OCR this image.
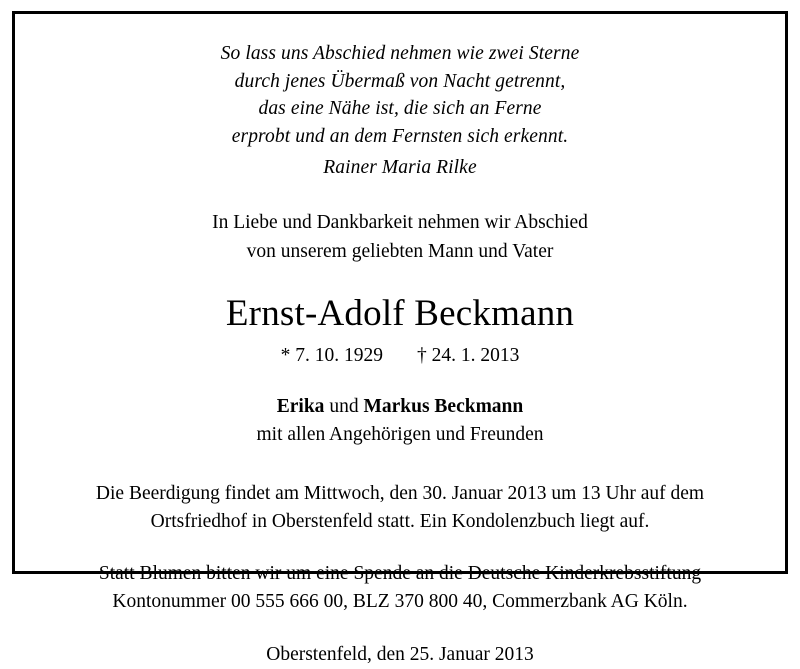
So lass uns Abschied nehmen wie zwei Sterne
durch jenes Übermaß von Nacht getrennt,
das eine Nähe ist, die sich an Ferne
erprobt und an dem Fernsten sich erkennt.
Rainer Maria Rilke
In Liebe und Dankbarkeit nehmen wir Abschied
von unserem geliebten Mann und Vater
Ernst-Adolf Beckmann
* 7. 10. 1929 † 24. 1. 2013
Erika und Markus Beckmann
mit allen Angehörigen und Freunden
Die Beerdigung findet am Mittwoch, den 30. Januar 2013 um 13 Uhr auf dem
Ortsfriedhof in Oberstenfeld statt. Ein Kondolenzbuch liegt auf.
Statt Blumen bitten wir um eine Spende an die Deutsche Kinderkrebsstiftung
Kontonummer 00 555 666 00, BLZ 370 800 40, Commerzbank AG Köln.
Oberstenfeld, den 25. Januar 2013
